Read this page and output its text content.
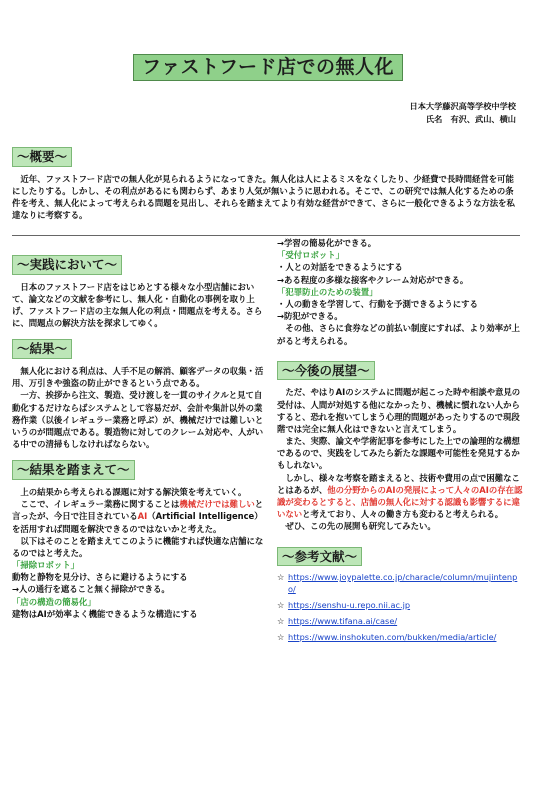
ファストフード店での無人化
日本大学藤沢高等学校中学校
氏名　有沢、武山、横山
〜概要〜

近年、ファストフード店での無人化が見られるようになってきた。無人化は人によるミスをなくしたり、少経費で長時間経営を可能にしたりする。しかし、その利点があるにも関わらず、あまり人気が無いように思われる。そこで、この研究では無人化するための条件を考え、無人化によって考えられる問題を見出し、それらを踏まえてより有効な経営ができて、さらに一般化できるような方法を私達なりに考察する。

〜実践において〜

日本のファストフード店をはじめとする様々な小型店舗において、論文などの文献を参考にし、無人化・自動化の事例を取り上げ、ファストフード店の主な無人化の利点・問題点を考える。さらに、問題点の解決方法を探求してゆく。

〜結果〜

無人化における利点は、人手不足の解消、顧客データの収集・活用、万引きや強盗の防止ができるという点である。

一方、挨拶から注文、製造、受け渡しを一貫のサイクルと見て自動化するだけならばシステムとして容易だが、会計や集計以外の業務作業（以後イレギュラー業務と呼ぶ）が、機械だけでは難しいというのが問題点である。製造物に対してのクレーム対応や、人がいる中での清掃もしなければならない。

〜結果を踏まえて〜

上の結果から考えられる課題に対する解決策を考えていく。

ここで、イレギュラー業務に関することは機械だけでは難しいと言ったが、今日で注目されているAI（Artificial Intelligence）を活用すれば問題を解決できるのではないかと考えた。

以下はそのことを踏まえてこのように機能すれば快適な店舗になるのではと考えた。

「掃除ロボット」

動物と静物を見分け、さらに避けるようにする

→人の通行を遮ること無く掃除ができる。

「店の構造の簡易化」

建物はAIが効率よく機能できるような構造にする

→学習の簡易化ができる。

「受付ロボット」

・人との対話をできるようにする

→ある程度の多様な接客やクレーム対応ができる。

「犯罪防止のための装置」

・人の動きを学習して、行動を予測できるようにする

→防犯ができる。

その他、さらに食券などの前払い制度にすれば、より効率が上がると考えられる。

〜今後の展望〜

ただ、やはりAIのシステムに問題が起こった時や相談や意見の受付は、人間が対処する他になかったり、機械に慣れない人からすると、恐れを抱いてしまう心理的問題があったりするので現段階では完全に無人化はできないと言えてしまう。

また、実際、論文や学術記事を参考にした上での論理的な構想であるので、実践をしてみたら新たな課題や可能性を発見するかもしれない。

しかし、様々な考察を踏まえると、技術や費用の点で困難なことはあるが、他の分野からのAIの発展によって人々のAIの存在認識が変わるとすると、店舗の無人化に対する認識も影響するに違いないと考えており、人々の働き方も変わると考えられる。

ぜひ、この先の展開も研究してみたい。

〜参考文献〜
☆ https://www.joypalette.co.jp/characle/column/mujintenpo/
☆ https://senshu-u.repo.nii.ac.jp
☆ https://www.tifana.ai/case/
☆ https://www.inshokuten.com/bukken/media/article/
